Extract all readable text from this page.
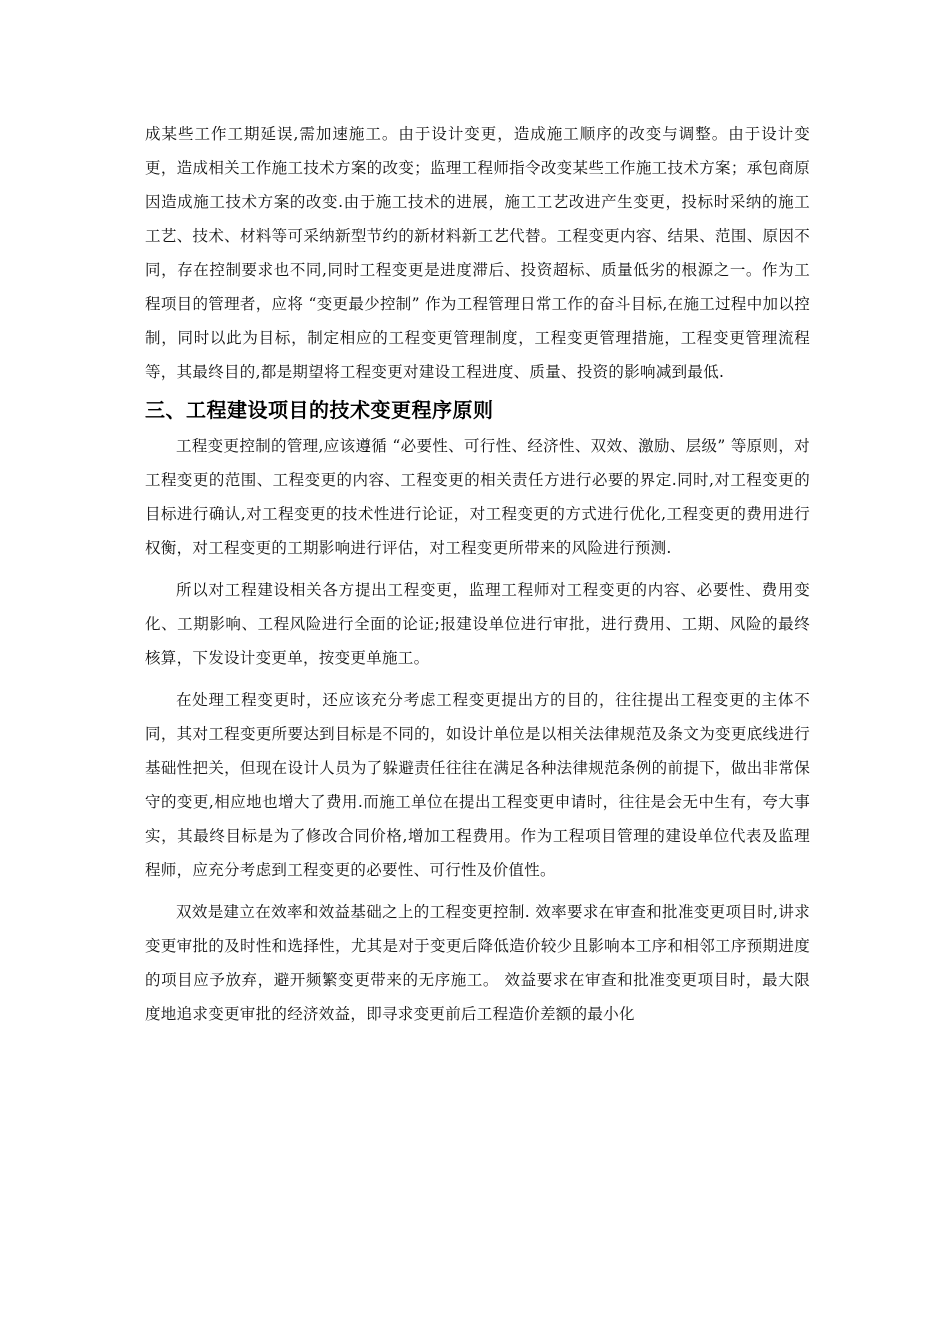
成某些工作工期延误,需加速施工。由于设计变更，造成施工顺序的改变与调整。由于设计变更，造成相关工作施工技术方案的改变；监理工程师指令改变某些工作施工技术方案；承包商原因造成施工技术方案的改变.由于施工技术的进展，施工工艺改进产生变更，投标时采纳的施工工艺、技术、材料等可采纳新型节约的新材料新工艺代替。工程变更内容、结果、范围、原因不同，存在控制要求也不同,同时工程变更是进度滞后、投资超标、质量低劣的根源之一。作为工程项目的管理者，应将 “变更最少控制” 作为工程管理日常工作的奋斗目标,在施工过程中加以控制，同时以此为目标，制定相应的工程变更管理制度，工程变更管理措施，工程变更管理流程等，其最终目的,都是期望将工程变更对建设工程进度、质量、投资的影响减到最低.

三、工程建设项目的技术变更程序原则

工程变更控制的管理,应该遵循 “必要性、可行性、经济性、双效、激励、层级” 等原则，对工程变更的范围、工程变更的内容、工程变更的相关责任方进行必要的界定.同时,对工程变更的目标进行确认,对工程变更的技术性进行论证，对工程变更的方式进行优化,工程变更的费用进行权衡，对工程变更的工期影响进行评估，对工程变更所带来的风险进行预测.

所以对工程建设相关各方提出工程变更，监理工程师对工程变更的内容、必要性、费用变化、工期影响、工程风险进行全面的论证;报建设单位进行审批，进行费用、工期、风险的最终核算，下发设计变更单，按变更单施工。

在处理工程变更时，还应该充分考虑工程变更提出方的目的，往往提出工程变更的主体不同，其对工程变更所要达到目标是不同的，如设计单位是以相关法律规范及条文为变更底线进行基础性把关，但现在设计人员为了躲避责任往往在满足各种法律规范条例的前提下，做出非常保守的变更,相应地也增大了费用.而施工单位在提出工程变更申请时，往往是会无中生有，夸大事实，其最终目标是为了修改合同价格,增加工程费用。作为工程项目管理的建设单位代表及监理程师，应充分考虑到工程变更的必要性、可行性及价值性。

双效是建立在效率和效益基础之上的工程变更控制. 效率要求在审查和批准变更项目时,讲求变更审批的及时性和选择性，尤其是对于变更后降低造价较少且影响本工序和相邻工序预期进度的项目应予放弃，避开频繁变更带来的无序施工。 效益要求在审查和批准变更项目时，最大限度地追求变更审批的经济效益，即寻求变更前后工程造价差额的最小化
